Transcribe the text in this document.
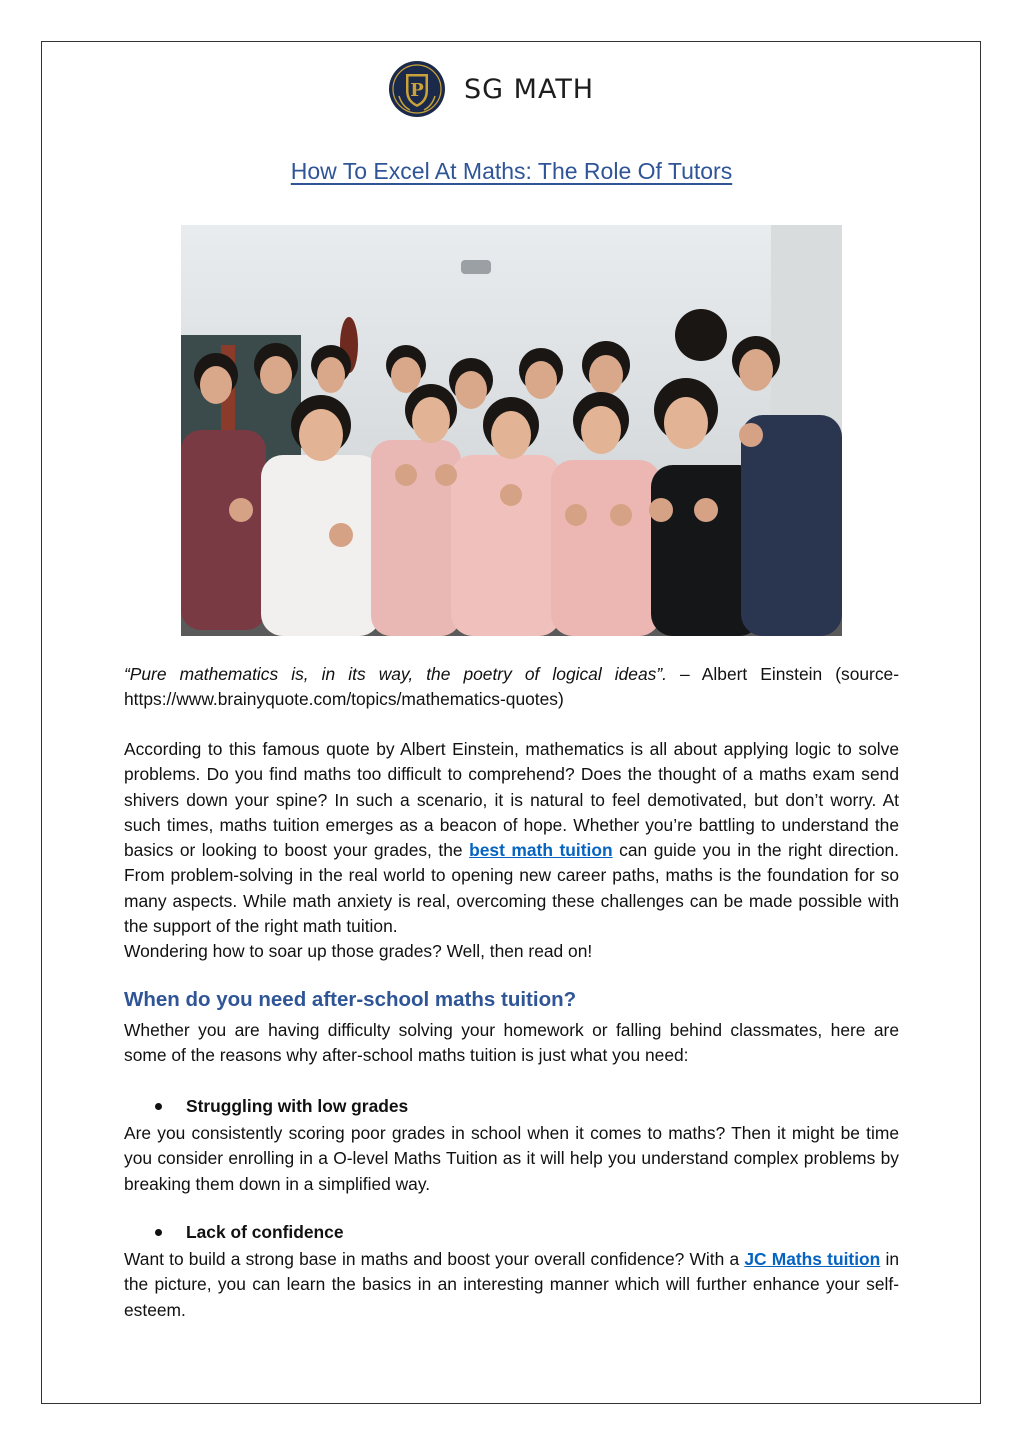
P SG MATH
How To Excel At Maths: The Role Of Tutors
“Pure mathematics is, in its way, the poetry of logical ideas”. – Albert Einstein (source-https://www.brainyquote.com/topics/mathematics-quotes)
According to this famous quote by Albert Einstein, mathematics is all about applying logic to solve problems. Do you find maths too difficult to comprehend? Does the thought of a maths exam send shivers down your spine? In such a scenario, it is natural to feel demotivated, but don’t worry. At such times, maths tuition emerges as a beacon of hope. Whether you’re battling to understand the basics or looking to boost your grades, the best math tuition can guide you in the right direction. From problem-solving in the real world to opening new career paths, maths is the foundation for so many aspects. While math anxiety is real, overcoming these challenges can be made possible with the support of the right math tuition.
Wondering how to soar up those grades? Well, then read on!
When do you need after-school maths tuition?
Whether you are having difficulty solving your homework or falling behind classmates, here are some of the reasons why after-school maths tuition is just what you need:
Struggling with low grades
Are you consistently scoring poor grades in school when it comes to maths? Then it might be time you consider enrolling in a O-level Maths Tuition as it will help you understand complex problems by breaking them down in a simplified way.
Lack of confidence
Want to build a strong base in maths and boost your overall confidence? With a JC Maths tuition in the picture, you can learn the basics in an interesting manner which will further enhance your self-esteem.
